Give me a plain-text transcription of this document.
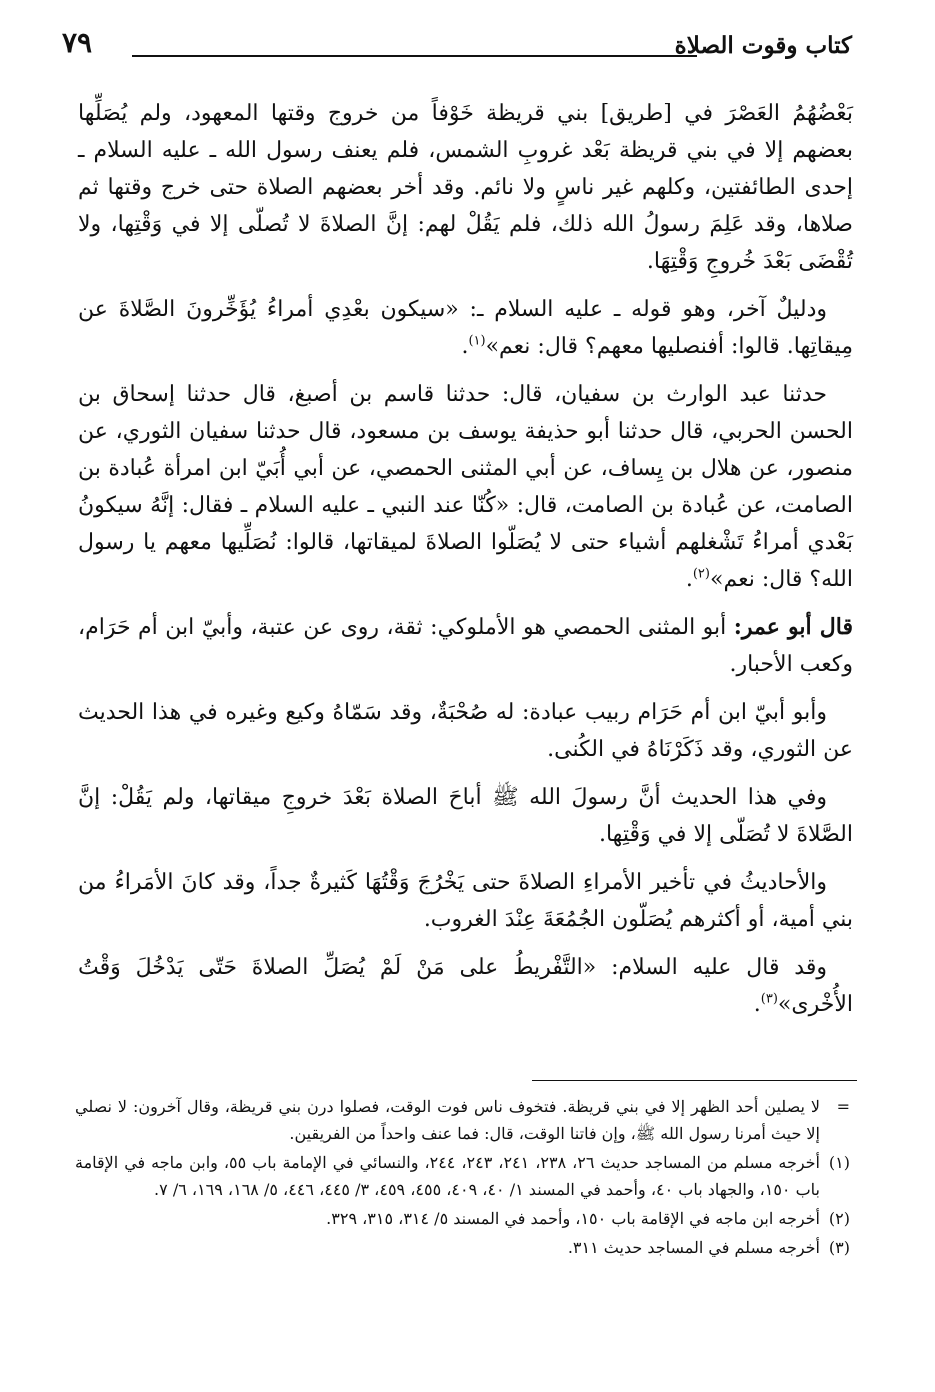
كتاب وقوت الصلاة
٧٩

بَعْضُهُمُ العَصْرَ في [طريق] بني قريظة خَوْفاً من خروج وقتها المعهود، ولم يُصَلِّها بعضهم إلا في بني قريظة بَعْد غروبِ الشمس، فلم يعنف رسول الله ـ عليه السلام ـ إحدى الطائفتين، وكلهم غير ناسٍ ولا نائم. وقد أخر بعضهم الصلاة حتى خرج وقتها ثم صلاها، وقد عَلِمَ رسولُ الله ذلك، فلم يَقُلْ لهم: إنَّ الصلاةَ لا تُصلّى إلا في وَقْتِها، ولا تُقْضَى بَعْدَ خُروجِ وَقْتِهَا.

ودليلٌ آخر، وهو قوله ـ عليه السلام ـ: «سيكون بعْدِي أمراءُ يُؤَخِّرونَ الصَّلاةَ عن مِيقاتِها. قالوا: أفنصليها معهم؟ قال: نعم»$^{(١)}$.

حدثنا عبد الوارث بن سفيان، قال: حدثنا قاسم بن أصبغ، قال حدثنا إسحاق بن الحسن الحربي، قال حدثنا أبو حذيفة يوسف بن مسعود، قال حدثنا سفيان الثوري، عن منصور، عن هلال بن يِساف، عن أبي المثنى الحمصي، عن أبي أُبَيّ ابن امرأة عُبادة بن الصامت، عن عُبادة بن الصامت، قال: «كُنّا عند النبي ـ عليه السلام ـ فقال: إنَّهُ سيكونُ بَعْدي أمراءُ تَشْغلهم أشياء حتى لا يُصَلّوا الصلاةَ لميقاتها، قالوا: نُصَلِّيها معهم يا رسول الله؟ قال: نعم»$^{(٢)}$.

قال أبو عمر: أبو المثنى الحمصي هو الأملوكي: ثقة، روى عن عتبة، وأبيّ ابن أم حَرَام، وكعب الأحبار.

وأبو أبيّ ابن أم حَرَام ربيب عبادة: له صُحْبَةٌ، وقد سَمّاهُ وكيع وغيره في هذا الحديث عن الثوري، وقد ذَكَرْنَاهُ في الكُنى.

وفي هذا الحديث أنَّ رسولَ الله ﷺ أباحَ الصلاة بَعْدَ خروجِ ميقاتها، ولم يَقُلْ: إنَّ الصَّلاةَ لا تُصَلّى إلا في وَقْتِها.

والأحاديثُ في تأخير الأمراءِ الصلاةَ حتى يَخْرُجَ وَقْتُهَا كَثيرةٌ جداً، وقد كانَ الأمَراءُ من بني أمية، أو أكثرهم يُصَلّون الجُمُعَةَ عِنْدَ الغروب.

وقد قال عليه السلام: «التَّفْريطُ على مَنْ لَمْ يُصَلِّ الصلاةَ حَتّى يَدْخُلَ وَقْتُ الأُخْرى»$^{(٣)}$.

=
لا يصلين أحد الظهر إلا في بني قريظة. فتخوف ناس فوت الوقت، فصلوا درن بني قريظة، وقال آخرون: لا نصلي إلا حيث أمرنا رسول الله ﷺ، وإن فاتنا الوقت، قال: فما عنف واحداً من الفريقين.
(١)
أخرجه مسلم من المساجد حديث ٢٦، ٢٣٨، ٢٤١، ٢٤٣، ٢٤٤، والنسائي في الإمامة باب ٥٥، وابن ماجه في الإقامة باب ١٥٠، والجهاد باب ٤٠، وأحمد في المسند ١/ ٤٠، ٤٠٩، ٤٥٥، ٤٥٩، ٣/ ٤٤٥، ٤٤٦، ٥/ ١٦٨، ١٦٩، ٦/ ٧.
(٢)
أخرجه ابن ماجه في الإقامة باب ١٥٠، وأحمد في المسند ٥/ ٣١٤، ٣١٥، ٣٢٩.
(٣)
أخرجه مسلم في المساجد حديث ٣١١.
